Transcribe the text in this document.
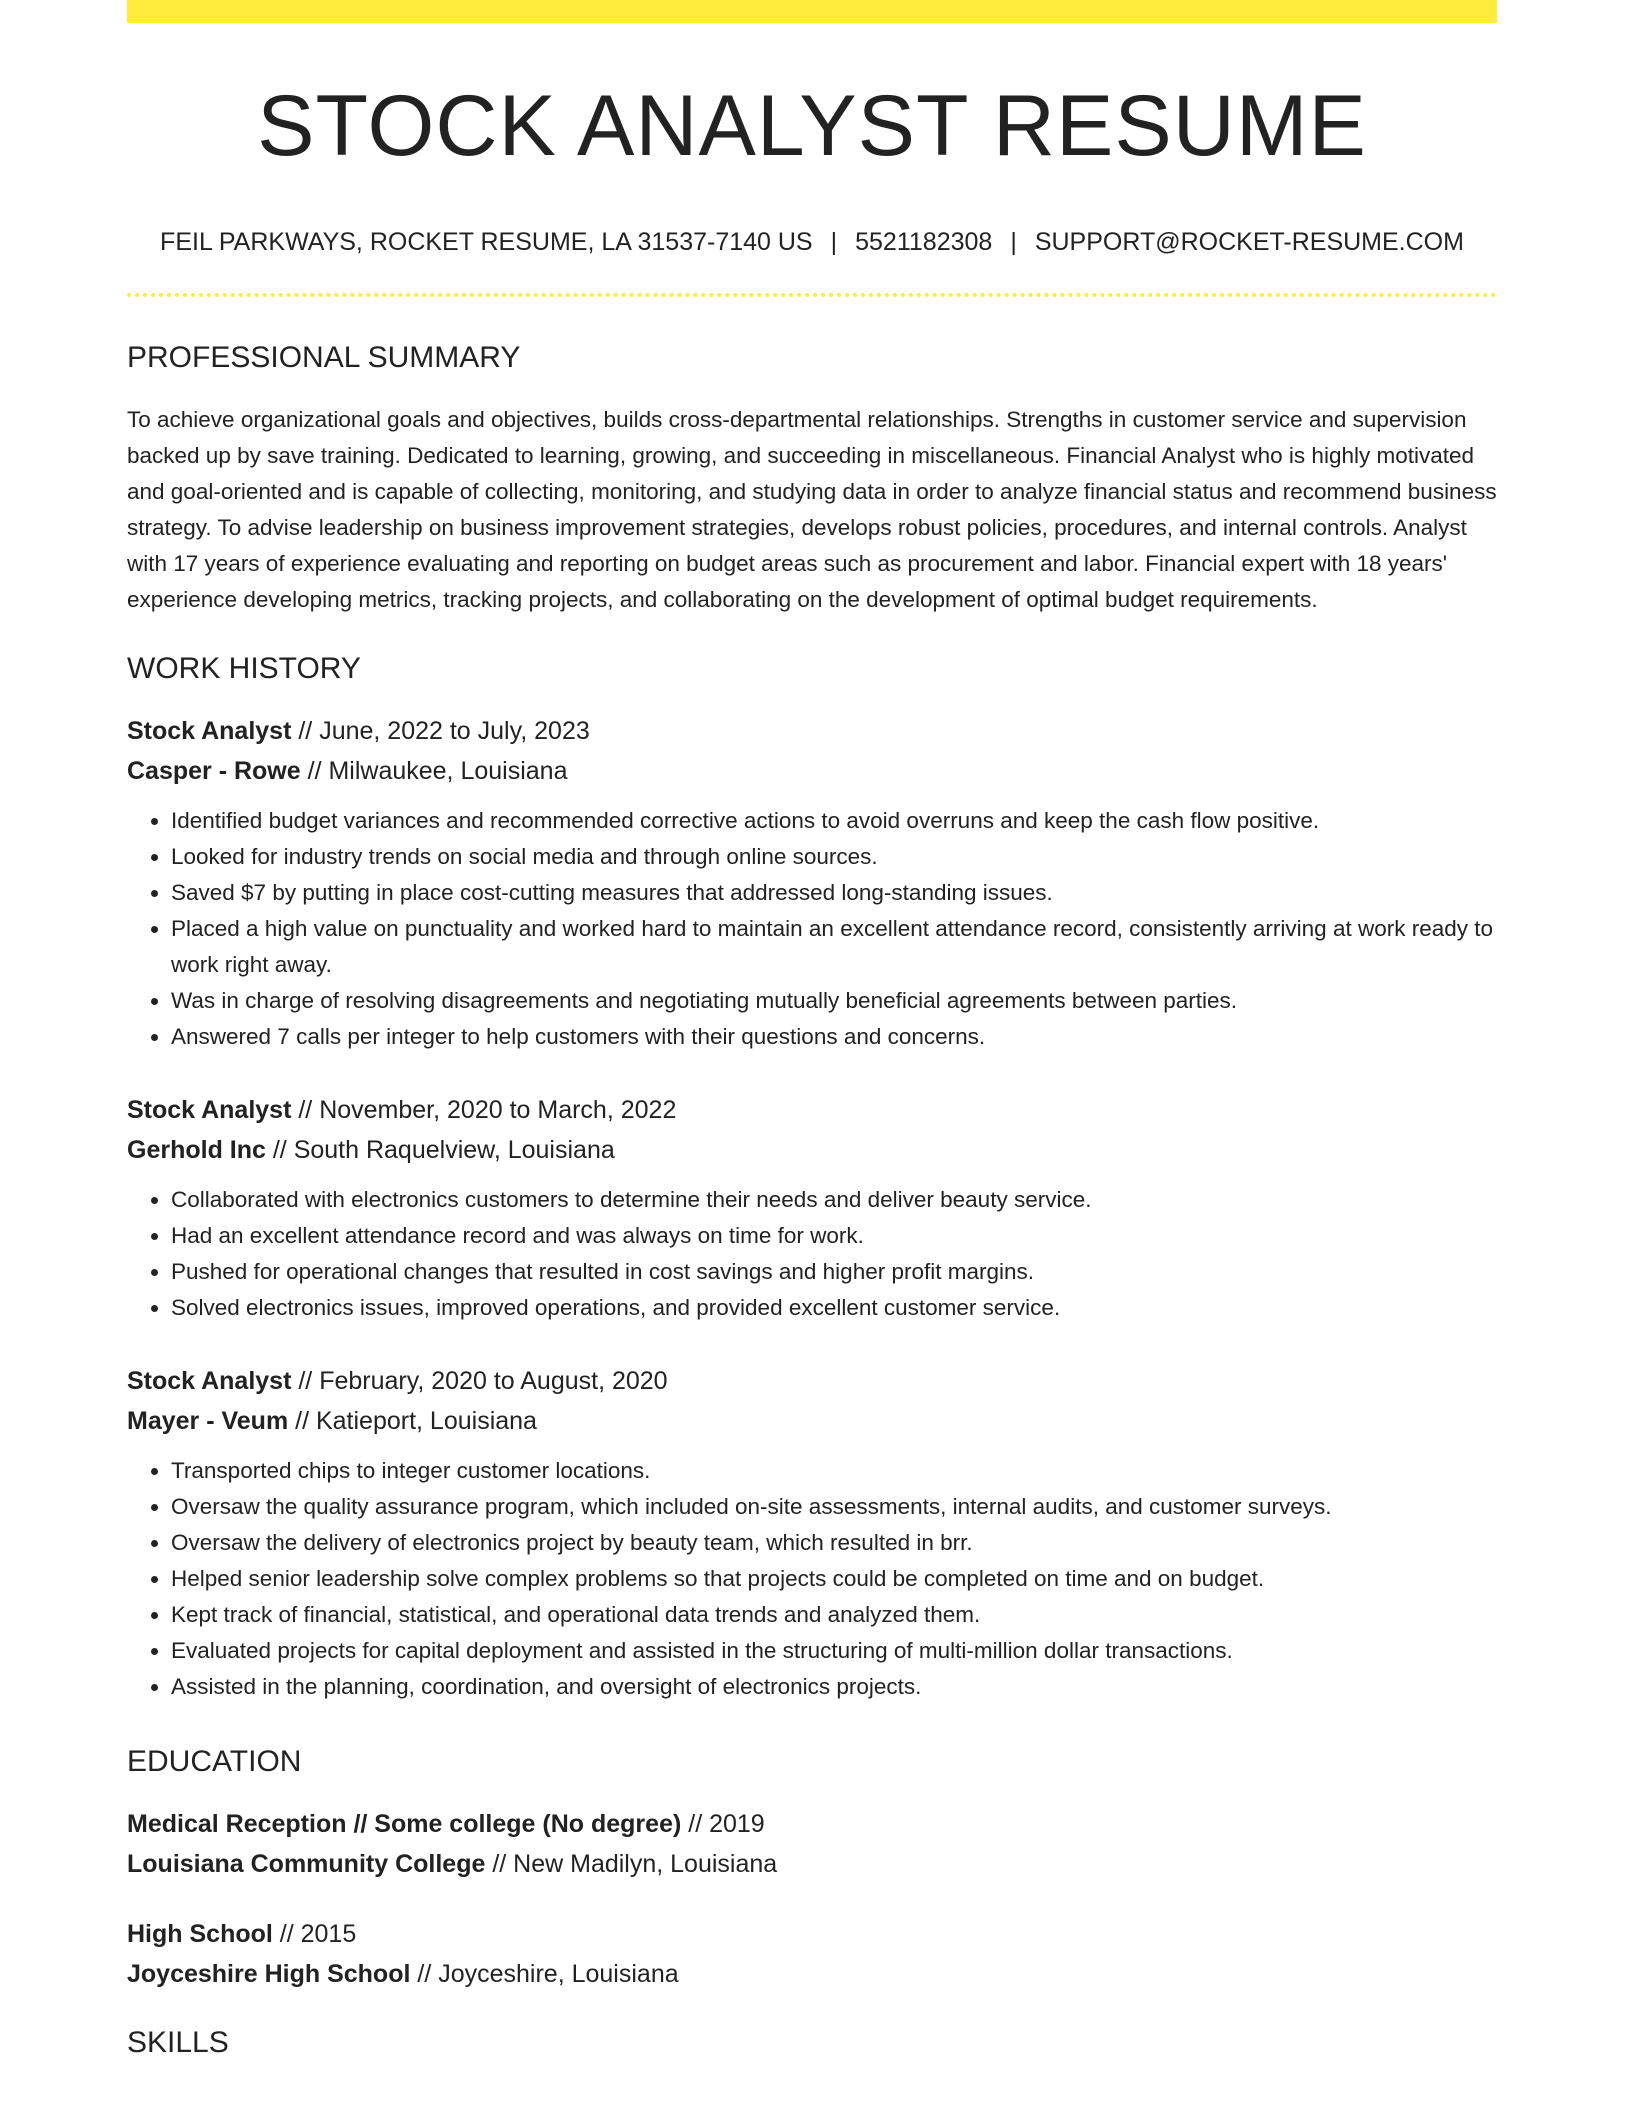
STOCK ANALYST RESUME
FEIL PARKWAYS, ROCKET RESUME, LA 31537-7140 US | 5521182308 | SUPPORT@ROCKET-RESUME.COM
PROFESSIONAL SUMMARY

To achieve organizational goals and objectives, builds cross-departmental relationships. Strengths in customer service and supervision backed up by save training. Dedicated to learning, growing, and succeeding in miscellaneous. Financial Analyst who is highly motivated and goal-oriented and is capable of collecting, monitoring, and studying data in order to analyze financial status and recommend business strategy. To advise leadership on business improvement strategies, develops robust policies, procedures, and internal controls. Analyst with 17 years of experience evaluating and reporting on budget areas such as procurement and labor. Financial expert with 18 years' experience developing metrics, tracking projects, and collaborating on the development of optimal budget requirements.

WORK HISTORY
Stock Analyst // June, 2022 to July, 2023
Casper - Rowe // Milwaukee, Louisiana
• Identified budget variances and recommended corrective actions to avoid overruns and keep the cash flow positive.
• Looked for industry trends on social media and through online sources.
• Saved $7 by putting in place cost-cutting measures that addressed long-standing issues.
• Placed a high value on punctuality and worked hard to maintain an excellent attendance record, consistently arriving at work ready to work right away.
• Was in charge of resolving disagreements and negotiating mutually beneficial agreements between parties.
• Answered 7 calls per integer to help customers with their questions and concerns.
Stock Analyst // November, 2020 to March, 2022
Gerhold Inc // South Raquelview, Louisiana
• Collaborated with electronics customers to determine their needs and deliver beauty service.
• Had an excellent attendance record and was always on time for work.
• Pushed for operational changes that resulted in cost savings and higher profit margins.
• Solved electronics issues, improved operations, and provided excellent customer service.
Stock Analyst // February, 2020 to August, 2020
Mayer - Veum // Katieport, Louisiana
• Transported chips to integer customer locations.
• Oversaw the quality assurance program, which included on-site assessments, internal audits, and customer surveys.
• Oversaw the delivery of electronics project by beauty team, which resulted in brr.
• Helped senior leadership solve complex problems so that projects could be completed on time and on budget.
• Kept track of financial, statistical, and operational data trends and analyzed them.
• Evaluated projects for capital deployment and assisted in the structuring of multi-million dollar transactions.
• Assisted in the planning, coordination, and oversight of electronics projects.
EDUCATION
Medical Reception // Some college (No degree) // 2019
Louisiana Community College // New Madilyn, Louisiana
High School // 2015
Joyceshire High School // Joyceshire, Louisiana
SKILLS
